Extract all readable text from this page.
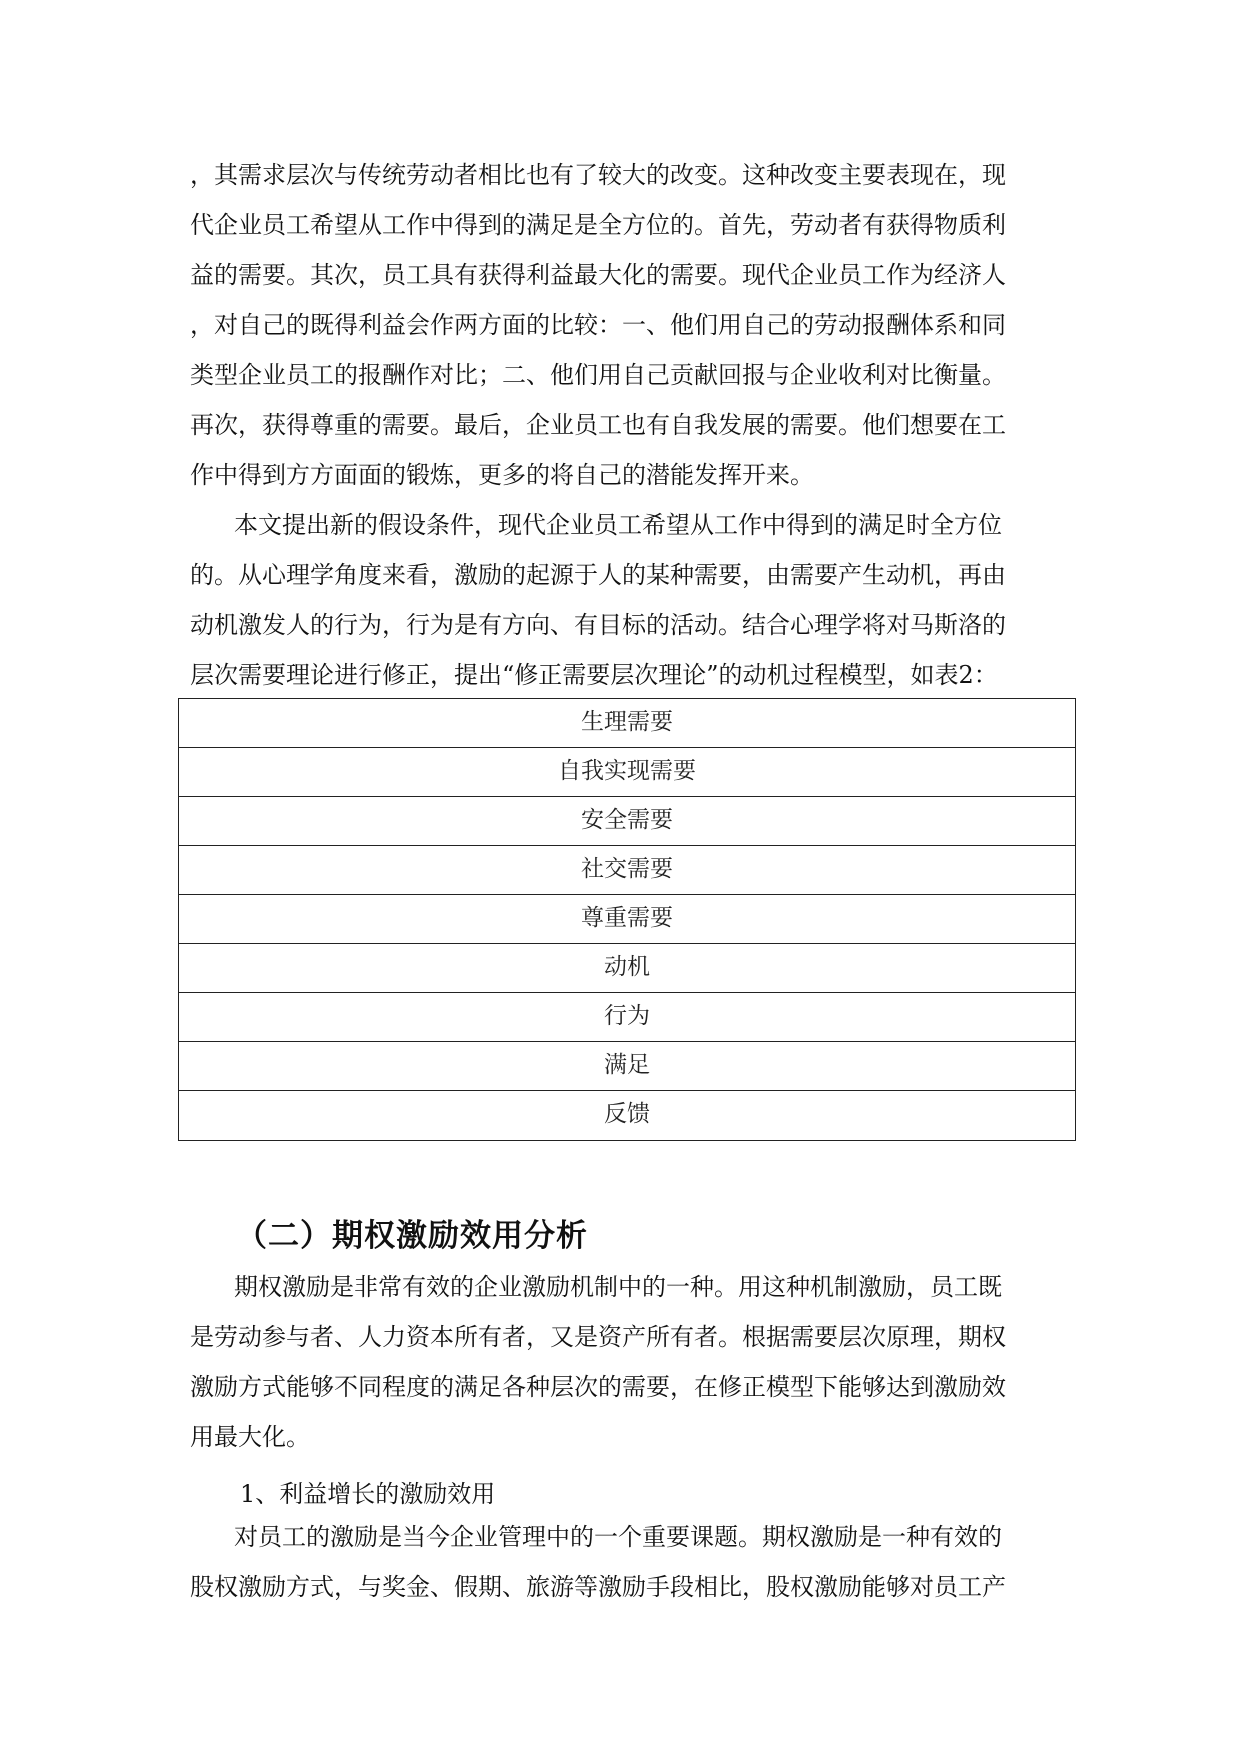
，其需求层次与传统劳动者相比也有了较大的改变。这种改变主要表现在，现
代企业员工希望从工作中得到的满足是全方位的。首先，劳动者有获得物质利
益的需要。其次，员工具有获得利益最大化的需要。现代企业员工作为经济人
，对自己的既得利益会作两方面的比较：一、他们用自己的劳动报酬体系和同
类型企业员工的报酬作对比；二、他们用自己贡献回报与企业收利对比衡量。
再次，获得尊重的需要。最后，企业员工也有自我发展的需要。他们想要在工
作中得到方方面面的锻炼，更多的将自己的潜能发挥开来。
本文提出新的假设条件，现代企业员工希望从工作中得到的满足时全方位
的。从心理学角度来看，激励的起源于人的某种需要，由需要产生动机，再由
动机激发人的行为，行为是有方向、有目标的活动。结合心理学将对马斯洛的
层次需要理论进行修正，提出“修正需要层次理论”的动机过程模型，如表2：
生理需要
自我实现需要
安全需要
社交需要
尊重需要
动机
行为
满足
反馈
（二）期权激励效用分析
期权激励是非常有效的企业激励机制中的一种。用这种机制激励，员工既
是劳动参与者、人力资本所有者，又是资产所有者。根据需要层次原理，期权
激励方式能够不同程度的满足各种层次的需要，在修正模型下能够达到激励效
用最大化。
1、利益增长的激励效用
对员工的激励是当今企业管理中的一个重要课题。期权激励是一种有效的
股权激励方式，与奖金、假期、旅游等激励手段相比，股权激励能够对员工产
